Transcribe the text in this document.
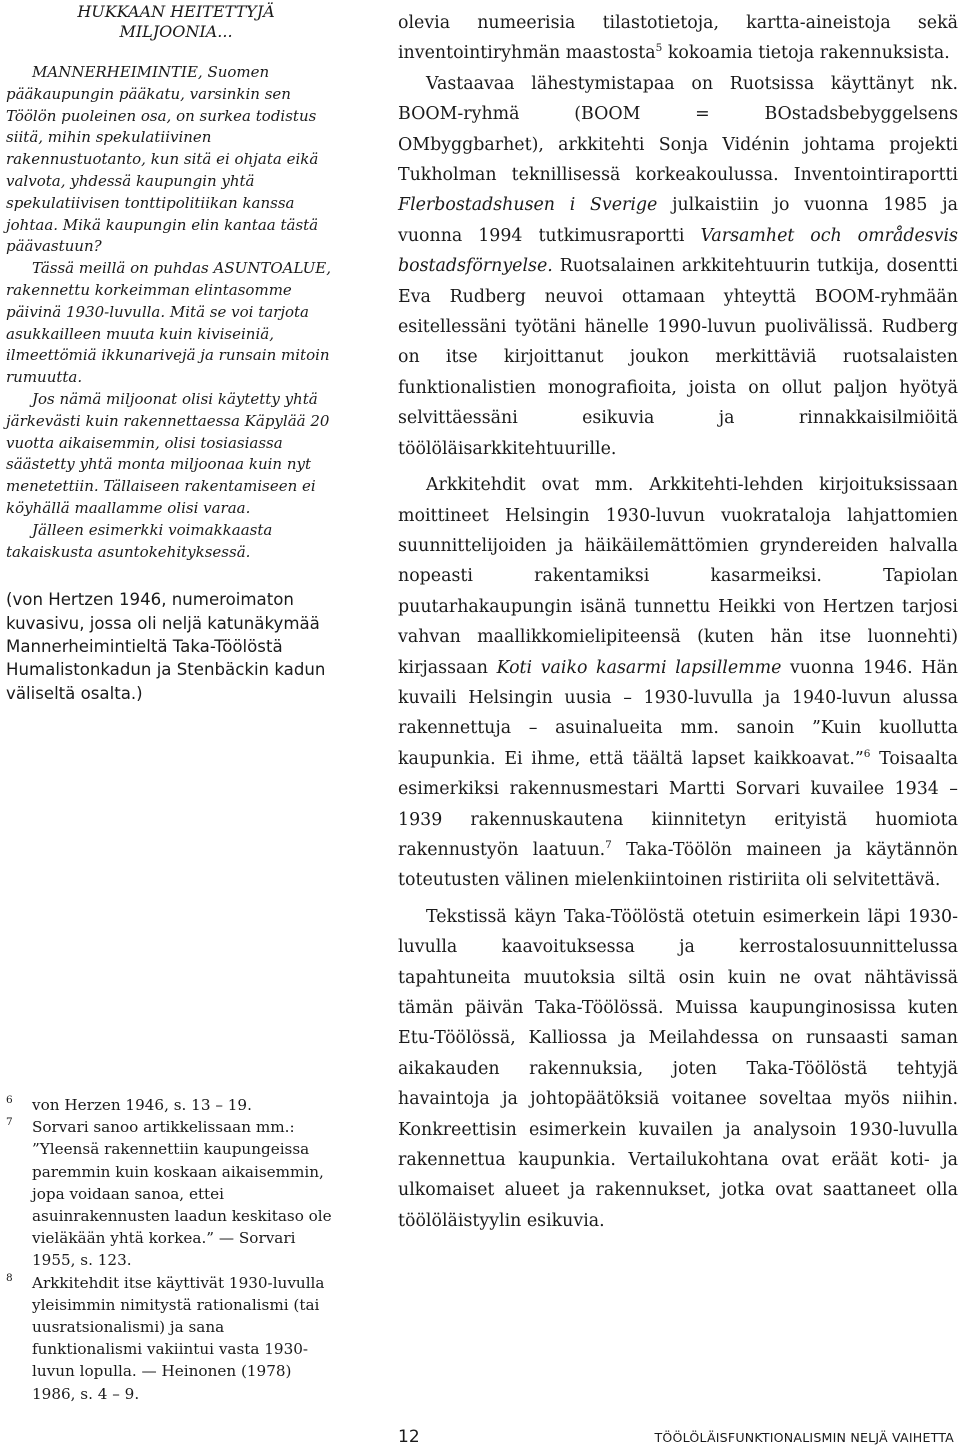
HUKKAAN HEITETTYJÄ
MILJOONIA...

MANNERHEIMINTIE, Suomen pääkaupungin pääkatu, varsinkin sen Töölön puoleinen osa, on surkea todistus siitä, mihin spekulatiivinen rakennustuotanto, kun sitä ei ohjata eikä valvota, yhdessä kaupungin yhtä spekulatiivisen tonttipolitiikan kanssa johtaa. Mikä kaupungin elin kantaa tästä päävastuun?

Tässä meillä on puhdas ASUNTOALUE, rakennettu korkeimman elintasomme päivinä 1930-luvulla. Mitä se voi tarjota asukkailleen muuta kuin kiviseiniä, ilmeettömiä ikkunarivejä ja runsain mitoin rumuutta.

Jos nämä miljoonat olisi käytetty yhtä järkevästi kuin rakennettaessa Käpylää 20 vuotta aikaisemmin, olisi tosiasiassa säästetty yhtä monta miljoonaa kuin nyt menetettiin. Tällaiseen rakentamiseen ei köyhällä maallamme olisi varaa.

Jälleen esimerkki voimakkaasta takaiskusta asuntokehityksessä.

(von Hertzen 1946, numeroimaton kuvasivu, jossa oli neljä katunäkymää Mannerheimintieltä Taka-Töölöstä Humalistonkadun ja Stenbäckin kadun väliseltä osalta.)
6 von Herzen 1946, s. 13 – 19.
7 Sorvari sanoo artikkelissaan mm.: ”Yleensä rakennettiin kaupungeissa paremmin kuin koskaan aikaisemmin, jopa voidaan sanoa, ettei asuinrakennusten laadun keskitaso ole vieläkään yhtä korkea.” — Sorvari 1955, s. 123.
8 Arkkitehdit itse käyttivät 1930-luvulla yleisimmin nimitystä rationalismi (tai uusratsionalismi) ja sana funktionalismi vakiintui vasta 1930-luvun lopulla. — Heinonen (1978) 1986, s. 4 – 9.

olevia numeerisia tilastotietoja, kartta-aineistoja sekä inventointiryhmän maastosta$^5$ kokoamia tietoja rakennuksista.

Vastaavaa lähestymistapaa on Ruotsissa käyttänyt nk. BOOM-ryhmä (BOOM = BOstadsbebyggelsens OMbyggbarhet), arkkitehti Sonja Vidénin johtama projekti Tukholman teknillisessä korkeakoulussa. Inventointiraportti Flerbostadshusen i Sverige julkaistiin jo vuonna 1985 ja vuonna 1994 tutkimusraportti Varsamhet och områdesvis bostadsförnyelse. Ruotsalainen arkkitehtuurin tutkija, dosentti Eva Rudberg neuvoi ottamaan yhteyttä BOOM-ryhmään esitellessäni työtäni hänelle 1990-luvun puolivälissä. Rudberg on itse kirjoittanut joukon merkittäviä ruotsalaisten funktionalistien monografioita, joista on ollut paljon hyötyä selvittäessäni esikuvia ja rinnakkaisilmiöitä töölöläisarkkitehtuurille.

Arkkitehdit ovat mm. Arkkitehti-lehden kirjoituksissaan moittineet Helsingin 1930-luvun vuokrataloja lahjattomien suunnittelijoiden ja häikäilemättömien gryndereiden halvalla nopeasti rakentamiksi kasarmeiksi. Tapiolan puutarhakaupungin isänä tunnettu Heikki von Hertzen tarjosi vahvan maallikkomielipiteensä (kuten hän itse luonnehti) kirjassaan Koti vaiko kasarmi lapsillemme vuonna 1946. Hän kuvaili Helsingin uusia – 1930-luvulla ja 1940-luvun alussa rakennettuja – asuinalueita mm. sanoin ”Kuin kuollutta kaupunkia. Ei ihme, että täältä lapset kaikkoavat.”$^6$ Toisaalta esimerkiksi rakennusmestari Martti Sorvari kuvailee 1934 – 1939 rakennuskautena kiinnitetyn erityistä huomiota rakennustyön laatuun.$^7$ Taka-Töölön maineen ja käytännön toteutusten välinen mielenkiintoinen ristiriita oli selvitettävä.

Tekstissä käyn Taka-Töölöstä otetuin esimerkein läpi 1930-luvulla kaavoituksessa ja kerrostalosuunnittelussa tapahtuneita muutoksia siltä osin kuin ne ovat nähtävissä tämän päivän Taka-Töölössä. Muissa kaupunginosissa kuten Etu-Töölössä, Kalliossa ja Meilahdessa on runsaasti saman aikakauden rakennuksia, joten Taka-Töölöstä tehtyjä havaintoja ja johtopäätöksiä voitanee soveltaa myös niihin. Konkreettisin esimerkein kuvailen ja analysoin 1930-luvulla rakennettua kaupunkia. Vertailukohtana ovat eräät koti- ja ulkomaiset alueet ja rakennukset, jotka ovat saattaneet olla töölöläistyylin esikuvia.

12	TÖÖLÖLÄISFUNKTIONALISMIN NELJÄ VAIHETTA
